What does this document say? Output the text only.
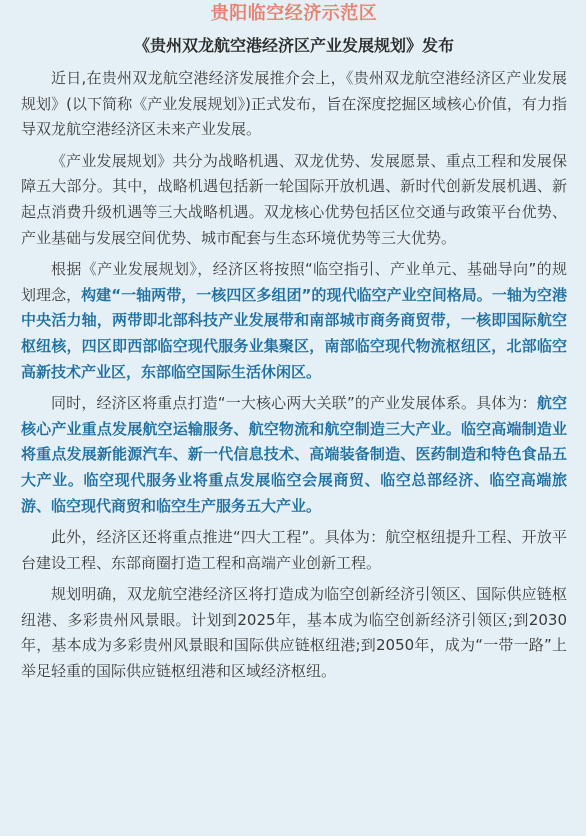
贵阳临空经济示范区
《贵州双龙航空港经济区产业发展规划》发布

近日,在贵州双龙航空港经济发展推介会上，《贵州双龙航空港经济区产业发展规划》(以下简称《产业发展规划》)正式发布，旨在深度挖掘区域核心价值，有力指导双龙航空港经济区未来产业发展。

《产业发展规划》共分为战略机遇、双龙优势、发展愿景、重点工程和发展保障五大部分。其中，战略机遇包括新一轮国际开放机遇、新时代创新发展机遇、新起点消费升级机遇等三大战略机遇。双龙核心优势包括区位交通与政策平台优势、产业基础与发展空间优势、城市配套与生态环境优势等三大优势。

根据《产业发展规划》，经济区将按照“临空指引、产业单元、基础导向”的规划理念，构建“一轴两带，一核四区多组团”的现代临空产业空间格局。一轴为空港中央活力轴，两带即北部科技产业发展带和南部城市商务商贸带，一核即国际航空枢纽核，四区即西部临空现代服务业集聚区，南部临空现代物流枢纽区，北部临空高新技术产业区，东部临空国际生活休闲区。

同时，经济区将重点打造“一大核心两大关联”的产业发展体系。具体为：航空核心产业重点发展航空运输服务、航空物流和航空制造三大产业。临空高端制造业将重点发展新能源汽车、新一代信息技术、高端装备制造、医药制造和特色食品五大产业。临空现代服务业将重点发展临空会展商贸、临空总部经济、临空高端旅游、临空现代商贸和临空生产服务五大产业。

此外，经济区还将重点推进“四大工程”。具体为：航空枢纽提升工程、开放平台建设工程、东部商圈打造工程和高端产业创新工程。

规划明确，双龙航空港经济区将打造成为临空创新经济引领区、国际供应链枢纽港、多彩贵州风景眼。计划到2025年，基本成为临空创新经济引领区;到2030年，基本成为多彩贵州风景眼和国际供应链枢纽港;到2050年，成为“一带一路”上举足轻重的国际供应链枢纽港和区域经济枢纽。
